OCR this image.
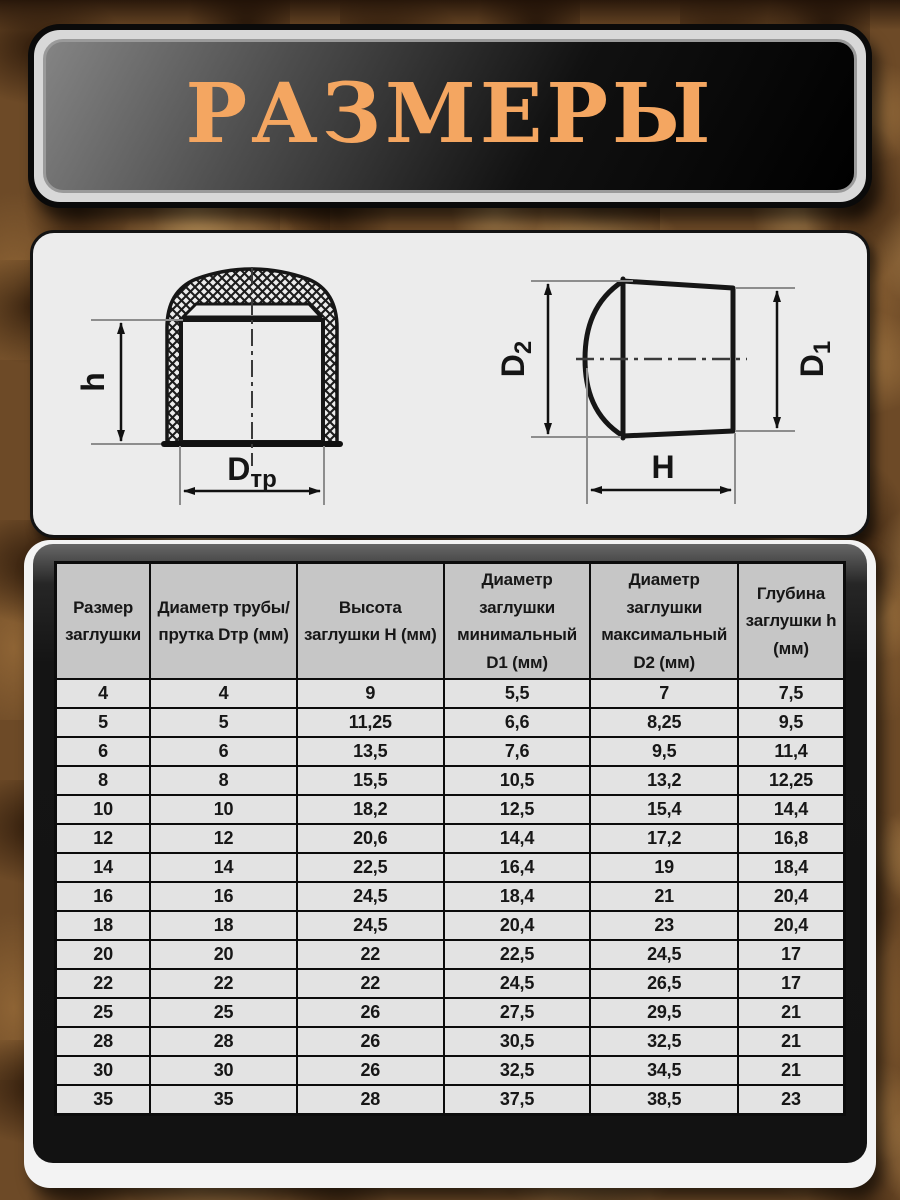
РАЗМЕРЫ
h
$D_{тр}$
$D_2$
$D_1$
H
Размер заглушки	Диаметр трубы/прутка Dтр (мм)	Высота заглушки H (мм)	Диаметр заглушки минимальный D1 (мм)	Диаметр заглушки максимальный D2 (мм)	Глубина заглушки h (мм)
4	4	9	5,5	7	7,5
5	5	11,25	6,6	8,25	9,5
6	6	13,5	7,6	9,5	11,4
8	8	15,5	10,5	13,2	12,25
10	10	18,2	12,5	15,4	14,4
12	12	20,6	14,4	17,2	16,8
14	14	22,5	16,4	19	18,4
16	16	24,5	18,4	21	20,4
18	18	24,5	20,4	23	20,4
20	20	22	22,5	24,5	17
22	22	22	24,5	26,5	17
25	25	26	27,5	29,5	21
28	28	26	30,5	32,5	21
30	30	26	32,5	34,5	21
35	35	28	37,5	38,5	23
